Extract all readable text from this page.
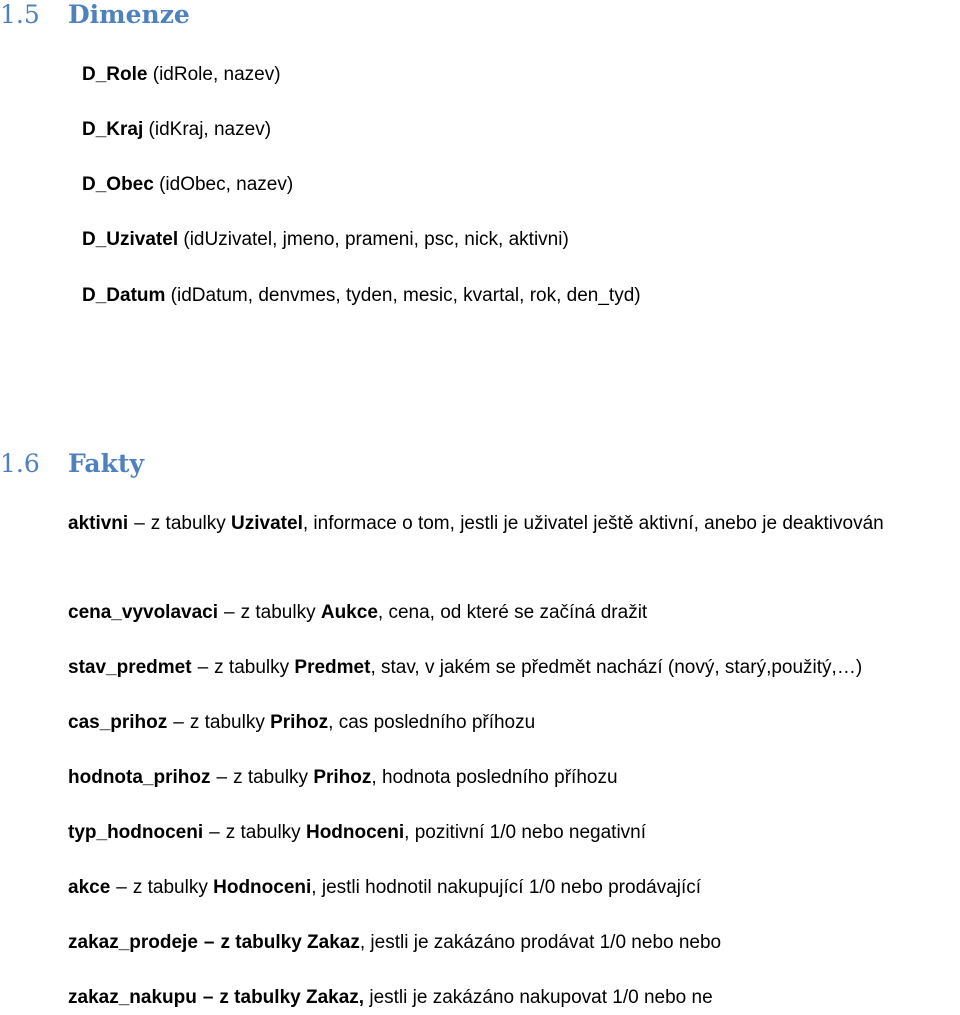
1.5 Dimenze
D_Role (idRole, nazev)
D_Kraj (idKraj, nazev)
D_Obec (idObec, nazev)
D_Uzivatel (idUzivatel, jmeno, prameni, psc, nick, aktivni)
D_Datum (idDatum, denvmes, tyden, mesic, kvartal, rok, den_tyd)
1.6 Fakty
aktivni – z tabulky Uzivatel, informace o tom, jestli je uživatel ještě aktivní, anebo je deaktivován
cena_vyvolavaci – z tabulky Aukce, cena, od které se začíná dražit
stav_predmet – z tabulky Predmet, stav, v jakém se předmět nachází (nový, starý,použitý,…)
cas_prihoz – z tabulky Prihoz, cas posledního příhozu
hodnota_prihoz – z tabulky Prihoz, hodnota posledního příhozu
typ_hodnoceni – z tabulky Hodnoceni, pozitivní 1/0 nebo negativní
akce – z tabulky Hodnoceni, jestli hodnotil nakupující 1/0 nebo prodávající
zakaz_prodeje – z tabulky Zakaz, jestli je zakázáno prodávat 1/0 nebo nebo
zakaz_nakupu – z tabulky Zakaz, jestli je zakázáno nakupovat 1/0 nebo ne
